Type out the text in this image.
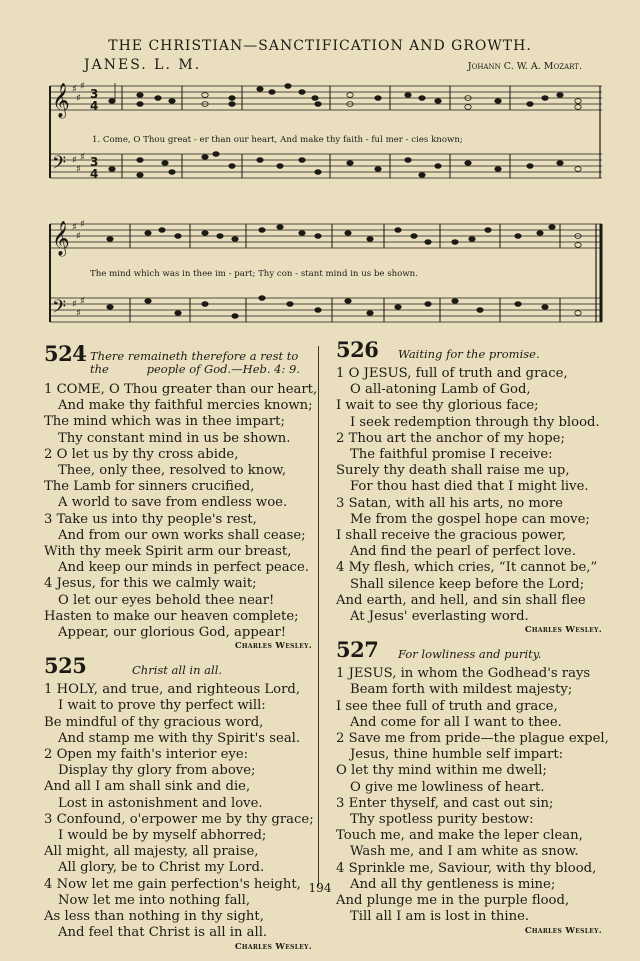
THE CHRISTIAN—SANCTIFICATION AND GROWTH.
JANES. L. M.	Johann C. W. A. Mozart.
𝄞
𝄢
𝄞
𝄢
♯
♯
♯
♯
♯
♯
♯
♯
♯
♯
♯
♯
3
4
3
4
1. Come, O Thou great - er than our heart, And make thy faith - ful mer - cies known;
The mind which was in thee im - part; Thy con - stant mind in us be shown.
524 There remaineth therefore a rest to the	people of God.—Heb. 4: 9.
1 COME, O Thou greater than our heart,
And make thy faithful mercies known;
The mind which was in thee impart;
Thy constant mind in us be shown.
2 O let us by thy cross abide,
Thee, only thee, resolved to know,
The Lamb for sinners crucified,
A world to save from endless woe.
3 Take us into thy people's rest,
And from our own works shall cease;
With thy meek Spirit arm our breast,
And keep our minds in perfect peace.
4 Jesus, for this we calmly wait;
O let our eyes behold thee near!
Hasten to make our heaven complete;
Appear, our glorious God, appear!
Charles Wesley.
525	Christ all in all.
1 HOLY, and true, and righteous Lord,
I wait to prove thy perfect will:
Be mindful of thy gracious word,
And stamp me with thy Spirit's seal.
2 Open my faith's interior eye:
Display thy glory from above;
And all I am shall sink and die,
Lost in astonishment and love.
3 Confound, o'erpower me by thy grace;
I would be by myself abhorred;
All might, all majesty, all praise,
All glory, be to Christ my Lord.
4 Now let me gain perfection's height,
Now let me into nothing fall,
As less than nothing in thy sight,
And feel that Christ is all in all.
Charles Wesley.
526 Waiting for the promise.
1 O JESUS, full of truth and grace,
O all-atoning Lamb of God,
I wait to see thy glorious face;
I seek redemption through thy blood.
2 Thou art the anchor of my hope;
The faithful promise I receive:
Surely thy death shall raise me up,
For thou hast died that I might live.
3 Satan, with all his arts, no more
Me from the gospel hope can move;
I shall receive the gracious power,
And find the pearl of perfect love.
4 My flesh, which cries, “It cannot be,”
Shall silence keep before the Lord;
And earth, and hell, and sin shall flee
At Jesus' everlasting word.
Charles Wesley.
527 For lowliness and purity.
1 JESUS, in whom the Godhead's rays
Beam forth with mildest majesty;
I see thee full of truth and grace,
And come for all I want to thee.
2 Save me from pride—the plague expel,
Jesus, thine humble self impart:
O let thy mind within me dwell;
O give me lowliness of heart.
3 Enter thyself, and cast out sin;
Thy spotless purity bestow:
Touch me, and make the leper clean,
Wash me, and I am white as snow.
4 Sprinkle me, Saviour, with thy blood,
And all thy gentleness is mine;
And plunge me in the purple flood,
Till all I am is lost in thine.
Charles Wesley.
194
